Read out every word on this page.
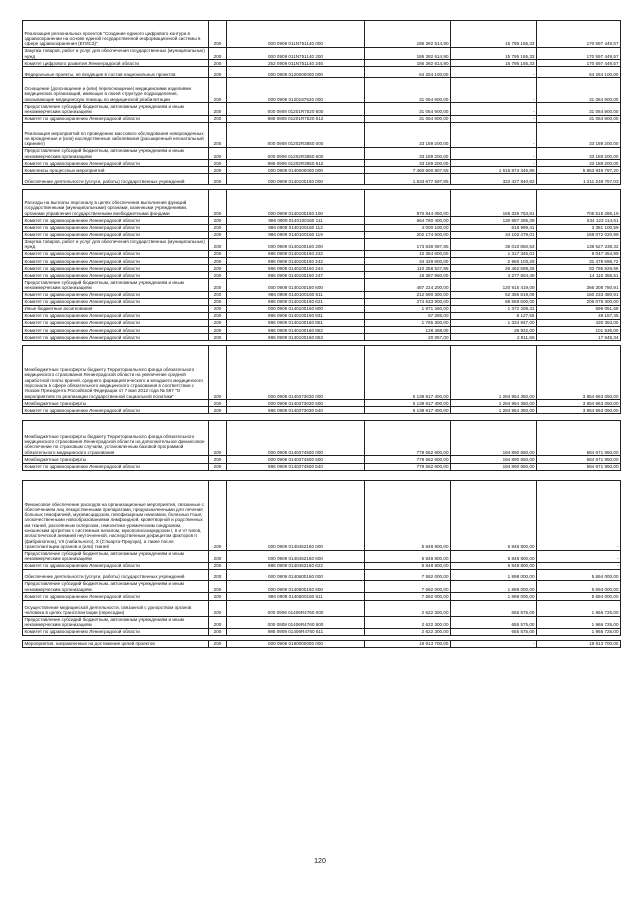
Реализация региональных проектов "Создание единого цифрового контура в здравоохранении на основе единой государственной информационной системы в сфере здравоохранения (ЕГИСЗ)"	200	000 0909 011N751140 000	186 392 614,90	15 795 165,33	170 597 449,57
Закупка товаров, работ и услуг для обеспечения государственных (муниципальных) нужд	200	000 0909 011N751140 200	186 392 614,90	15 795 165,33	170 597 449,57
Комитет цифрового развития Ленинградской области	200	252 0909 011N751140 246	186 392 614,90	15 795 165,33	170 597 449,57
Федеральные проекты, не входящие в состав национальных проектов	200	000 0909 0120000000 000	64 254 100,00	-	64 254 100,00
Оснащение (дооснащение и (или) переоснащение) медицинскими изделиями медицинских организаций, имеющих в своей структуре подразделения, оказывающие медицинскую помощь по медицинской реабилитации	200	000 0909 0120187520 000	31 064 900,00	-	31 064 900,00
Предоставление субсидий бюджетным, автономным учреждениям и иным некоммерческим организациям	200	000 0909 01201R7520 600	31 064 900,00	-	31 064 900,00
Комитет по здравоохранению Ленинградской области	200	986 0909 01201R7520 612	31 064 900,00	-	31 064 900,00
Реализация мероприятий по проведению массового обследования новорожденных на врожденные и (или) наследственные заболевания (расширенный неонатальный скрининг)	200	000 0909 01202R3850 000	33 189 200,00	-	33 189 200,00
Предоставление субсидий бюджетным, автономным учреждениям и иным некоммерческим организациям	200	000 0909 01202R3850 600	33 189 200,00	-	33 189 200,00
Комитет по здравоохранению Ленинградской области	200	986 0909 01202R3850 612	33 189 200,00	-	33 189 200,00
Комплексы процессных мероприятий	200	000 0909 0140000000 000	7 460 500 807,65	1 616 874 445,85	5 853 846 797,20
Обеспечение деятельности (услуги, работы) государственных учреждений	200	000 0909 0140100160 000	1 533 677 597,85	322 427 840,82	1 211 249 757,03

Расходы на выплаты персоналу в целях обеспечения выполнения функций государственными (муниципальными) органами, казенными учреждениями, органами управления государственными внебюджетными фондами	200	000 0909 0140100160 100	870 844 050,00	165 328 763,81	705 515 286,19
Комитет по здравоохранению Ленинградской области	200	986 0909 0140100160 111	664 780 400,00	130 657 285,39	534 123 114,61
Комитет по здравоохранению Ленинградской области	200	986 0909 0140100160 112	4 000 100,00	618 999,41	3 381 100,59
Комитет по здравоохранению Ленинградской области	200	986 0909 0140100160 119	202 174 500,00	34 102 479,01	168 072 020,99
Закупка товаров, работ и услуг для обеспечения государственных (муниципальных) нужд	200	000 0909 0140100160 200	173 638 087,85	35 010 850,53	138 627 238,32
Комитет по здравоохранению Ленинградской области	200	986 0909 0140100160 232	10 364 800,00	1 317 345,01	9 047 454,99
Комитет по здравоохранению Ленинградской области	200	986 0909 0140100160 242	34 429 800,00	2 950 103,28	31 479 696,72
Комитет по здравоохранению Ленинградской области	200	986 0909 0140100160 244	110 258 527,85	26 462 598,26	83 795 929,59
Комитет по здравоохранению Ленинградской области	200	986 0909 0140100160 247	18 387 960,00	4 277 604,49	14 110 355,51
Предоставление субсидий бюджетным, автономным учреждениям и иным некоммерческим организациям	200	000 0909 0140100160 600	487 224 200,00	120 915 419,09	366 308 780,91
Комитет по здравоохранению Ленинградской области	200	986 0909 0140100160 611	212 590 300,00	52 356 819,09	160 233 480,91
Комитет по здравоохранению Ленинградской области	200	986 0909 0140100160 621	274 633 900,00	68 558 600,00	206 075 300,00
Иные бюджетные ассигнования	200	000 0909 0140100160 800	1 971 260,00	1 372 208,31	599 051,69
Комитет по здравоохранению Ленинградской области	200	986 0909 0140100160 831	57 285,00	8 127,55	49 157,45
Комитет по здравоохранению Ленинградской области	200	986 0909 0140100160 851	1 765 300,00	1 334 947,00	430 353,00
Комитет по здравоохранению Ленинградской области	200	986 0909 0140100160 852	128 458,00	26 922,00	101 536,00
Комитет по здравоохранению Ленинградской области	200	986 0909 0140100160 853	20 057,00	2 811,66	17 645,34

Межбюджетные трансферты бюджету Территориального фонда обязательного медицинского страхования Ленинградской области на увеличение средней заработной платы врачей, среднего фармацевтического и младшего медицинского персонала в сфере обязательного медицинского страхования в соответствии с Указом Президента Российской Федерации от 7 мая 2012 года № 597 "О мероприятиях по реализации государственной социальной политики"	200	000 0909 0140373030 000	5 139 817 400,00	1 284 954 350,00	3 854 863 050,00
Межбюджетные трансферты	200	000 0909 0140373030 500	5 139 817 400,00	1 284 954 350,00	3 854 863 050,00
Комитет по здравоохранению Ленинградской области	200	986 0909 0140373030 540	5 139 817 400,00	1 284 954 350,00	3 854 863 050,00

Межбюджетные трансферты бюджету Территориального фонда обязательного медицинского страхования Ленинградской области на дополнительное финансовое обеспечение по страховым случаям, установленным базовой программой обязательного медицинского страхования	200	000 0909 0140374500 000	779 562 600,00	194 890 650,00	584 671 950,00
Межбюджетные трансферты	200	000 0909 0140374500 500	779 562 600,00	194 890 650,00	584 671 950,00
Комитет по здравоохранению Ленинградской области	200	986 0909 0140374500 540	779 562 600,00	194 890 650,00	584 671 950,00

Финансовое обеспечение расходов на организационные мероприятия, связанные с обеспечением лиц лекарственными препаратами, предназначенными для лечения больных гемофилией, муковисцидозом, гипофизарным нанизмом, болезнью Гоше, злокачественными новообразованиями лимфоидной, кроветворной и родственных им тканей, рассеянным склерозом, гемолитико-уремическим синдромом, юношеским артритом с системным началом, мукополисахаридозом I, II и VI типов, апластической анемией неуточненной, наследственным дефицитом факторов II (фибриногена), VII (лабильного), X (Стюарта-Прауэра), а также после трансплантации органов и (или) тканей	200	000 0909 0140452160 000	5 848 800,00	5 848 800,00	-
Предоставление субсидий бюджетным, автономным учреждениям и иным некоммерческим организациям	200	000 0909 0140452160 600	5 848 800,00	5 848 800,00	-
Комитет по здравоохранению Ленинградской области	200	986 0909 0140452160 622	5 848 800,00	5 848 800,00	-
Обеспечение деятельности (услуги, работы) государственных учреждений	200	000 0909 0140600160 000	7 592 000,00	1 898 000,00	5 694 000,00
Предоставление субсидий бюджетным, автономным учреждениям и иным некоммерческим организациям	200	000 0909 0140600160 600	7 592 000,00	1 898 000,00	5 694 000,00
Комитет по здравоохранению Ленинградской области	200	986 0909 0140600160 611	7 592 000,00	1 898 000,00	5 694 000,00
Осуществление медицинской деятельности, связанной с донорством органов человека в целях трансплантации (пересадки)	200	000 0909 01406R4760 000	2 622 300,00	655 575,00	1 966 725,00
Предоставление субсидий бюджетным, автономным учреждениям и иным некоммерческим организациям	200	000 0909 01406R4760 600	2 622 300,00	655 575,00	1 966 725,00
Комитет по здравоохранению Ленинградской области	200	986 0909 01406R4760 611	2 622 300,00	655 575,00	1 966 725,00

Мероприятия, направленные на достижение целей проектов	200	000 0909 0180000000 000	19 913 700,00	-	19 913 700,00
120
